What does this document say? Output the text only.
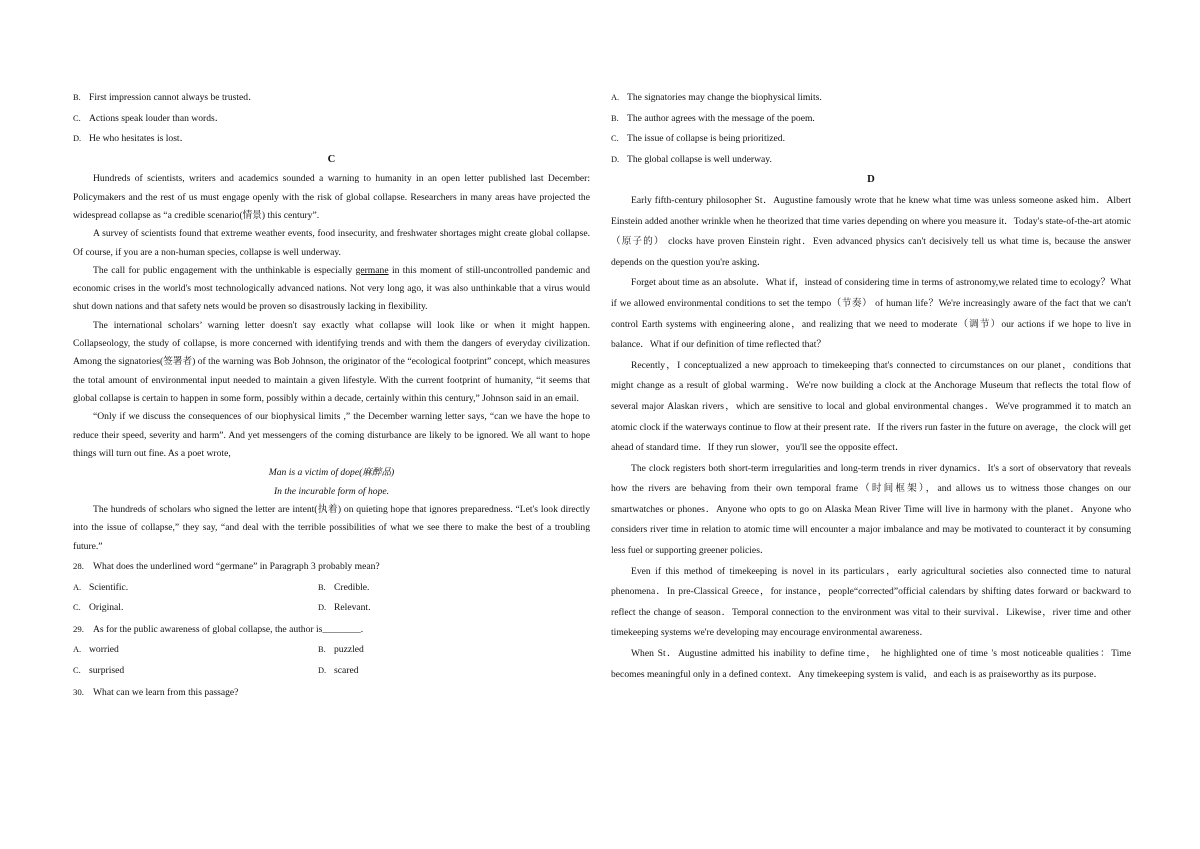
B. First impression cannot always be trusted．
C. Actions speak louder than words．
D. He who hesitates is lost．
C

Hundreds of scientists, writers and academics sounded a warning to humanity in an open letter published last December: Policymakers and the rest of us must engage openly with the risk of global collapse. Researchers in many areas have projected the widespread collapse as “a credible scenario(情景) this century”.

A survey of scientists found that extreme weather events, food insecurity, and freshwater shortages might create global collapse. Of course, if you are a non-human species, collapse is well underway.

The call for public engagement with the unthinkable is especially germane in this moment of still-uncontrolled pandemic and economic crises in the world's most technologically advanced nations. Not very long ago, it was also unthinkable that a virus would shut down nations and that safety nets would be proven so disastrously lacking in flexibility.

The international scholars’ warning letter doesn't say exactly what collapse will look like or when it might happen. Collapseology, the study of collapse, is more concerned with identifying trends and with them the dangers of everyday civilization. Among the signatories(签署者) of the warning was Bob Johnson, the originator of the “ecological footprint” concept, which measures the total amount of environmental input needed to maintain a given lifestyle. With the current footprint of humanity, “it seems that global collapse is certain to happen in some form, possibly within a decade, certainly within this century,” Johnson said in an email.

“Only if we discuss the consequences of our biophysical limits ,” the December warning letter says, “can we have the hope to reduce their speed, severity and harm”. And yet messengers of the coming disturbance are likely to be ignored. We all want to hope things will turn out fine. As a poet wrote,

Man is a victim of dope(麻醉品)

In the incurable form of hope.

The hundreds of scholars who signed the letter are intent(执着) on quieting hope that ignores preparedness. “Let's look directly into the issue of collapse,” they say, “and deal with the terrible possibilities of what we see there to make the best of a troubling future.”

28. What does the underlined word “germane” in Paragraph 3 probably mean?
A. Scientific.	B. Credible.
C. Original.	D. Relevant.
29. As for the public awareness of global collapse, the author is________.
A. worried	B. puzzled
C. surprised	D. scared
30. What can we learn from this passage?
A. The signatories may change the biophysical limits.
B. The author agrees with the message of the poem.
C. The issue of collapse is being prioritized.
D. The global collapse is well underway.
D

Early fifth-century philosopher St．Augustine famously wrote that he knew what time was unless someone asked him．Albert Einstein added another wrinkle when he theorized that time varies depending on where you measure it．Today's state-of-the-art atomic（原子的） clocks have proven Einstein right．Even advanced physics can't decisively tell us what time is, because the answer depends on the question you're asking．

Forget about time as an absolute．What if，instead of considering time in terms of astronomy,we related time to ecology？What if we allowed environmental conditions to set the tempo（节奏） of human life？We're increasingly aware of the fact that we can't control Earth systems with engineering alone，and realizing that we need to moderate（调节）our actions if we hope to live in balance．What if our definition of time reflected that？

Recently，I conceptualized a new approach to timekeeping that's connected to circumstances on our planet，conditions that might change as a result of global warming．We're now building a clock at the Anchorage Museum that reflects the total flow of several major Alaskan rivers，which are sensitive to local and global environmental changes．We've programmed it to match an atomic clock if the waterways continue to flow at their present rate．If the rivers run faster in the future on average，the clock will get ahead of standard time．If they run slower，you'll see the opposite effect．

The clock registers both short-term irregularities and long-term trends in river dynamics．It's a sort of observatory that reveals how the rivers are behaving from their own temporal frame（时间框架），and allows us to witness those changes on our smartwatches or phones．Anyone who opts to go on Alaska Mean River Time will live in harmony with the planet．Anyone who considers river time in relation to atomic time will encounter a major imbalance and may be motivated to counteract it by consuming less fuel or supporting greener policies．

Even if this method of timekeeping is novel in its particulars，early agricultural societies also connected time to natural phenomena．In pre-Classical Greece，for instance，people“corrected”official calendars by shifting dates forward or backward to reflect the change of season．Temporal connection to the environment was vital to their survival．Likewise，river time and other timekeeping systems we're developing may encourage environmental awareness．

When St．Augustine admitted his inability to define time， he highlighted one of time 's most noticeable qualities：Time becomes meaningful only in a defined context．Any timekeeping system is valid，and each is as praiseworthy as its purpose．
